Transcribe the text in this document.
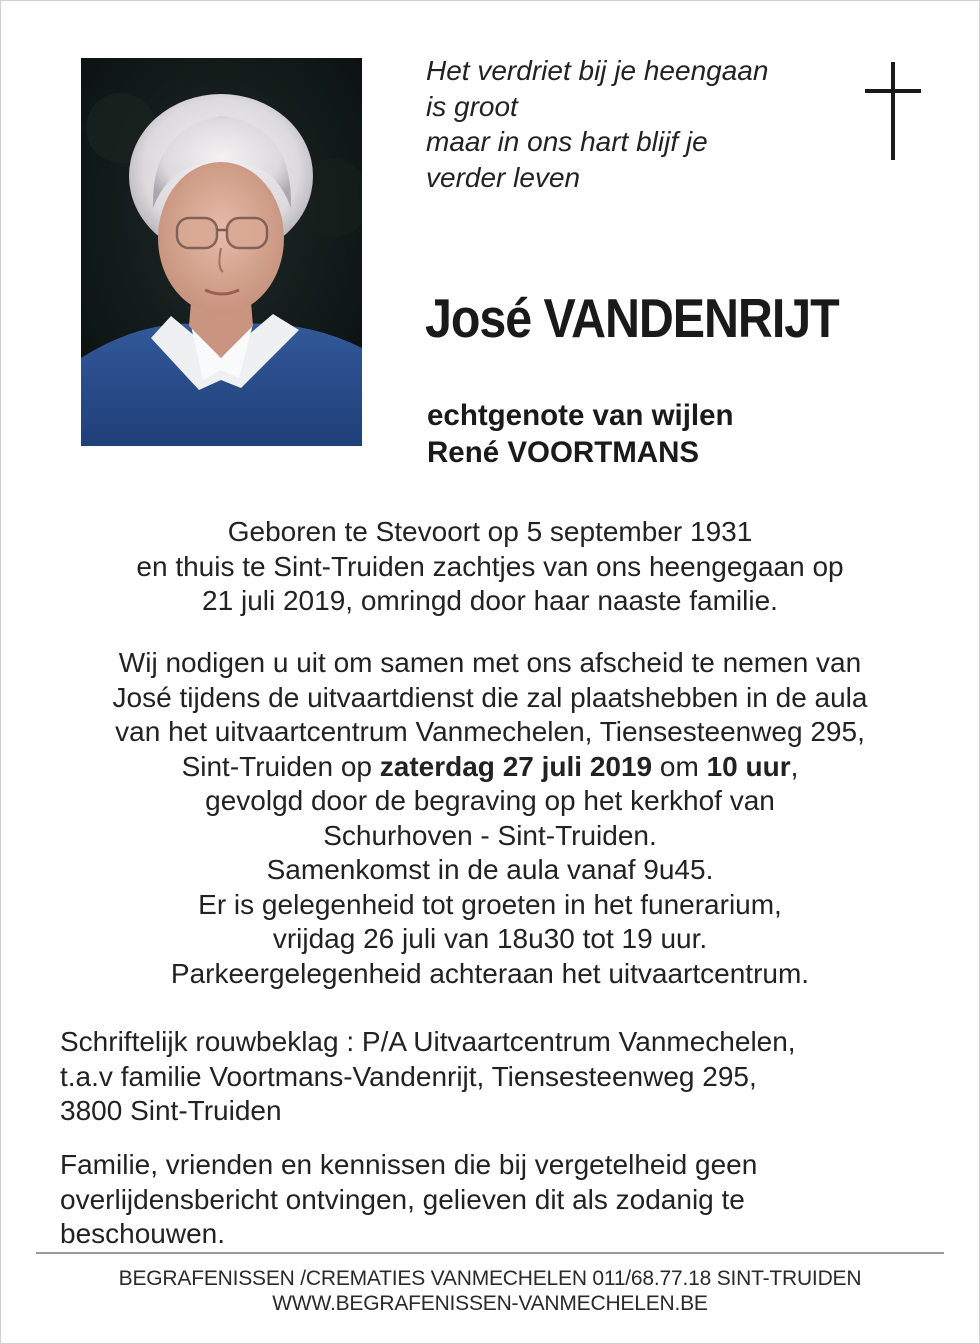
Het verdriet bij je heengaan
is groot
maar in ons hart blijf je
verder leven
José VANDENRIJT
echtgenote van wijlen
René VOORTMANS
Geboren te Stevoort op 5 september 1931
en thuis te Sint-Truiden zachtjes van ons heengegaan op
21 juli 2019, omringd door haar naaste familie.
Wij nodigen u uit om samen met ons afscheid te nemen van
José tijdens de uitvaartdienst die zal plaatshebben in de aula
van het uitvaartcentrum Vanmechelen, Tiensesteenweg 295,
Sint-Truiden op zaterdag 27 juli 2019 om 10 uur,
gevolgd door de begraving op het kerkhof van
Schurhoven - Sint-Truiden.
Samenkomst in de aula vanaf 9u45.
Er is gelegenheid tot groeten in het funerarium,
vrijdag 26 juli van 18u30 tot 19 uur.
Parkeergelegenheid achteraan het uitvaartcentrum.
Schriftelijk rouwbeklag : P/A Uitvaartcentrum Vanmechelen,
t.a.v familie Voortmans-Vandenrijt, Tiensesteenweg 295,
3800 Sint-Truiden
Familie, vrienden en kennissen die bij vergetelheid geen
overlijdensbericht ontvingen, gelieven dit als zodanig te
beschouwen.
BEGRAFENISSEN /CREMATIES VANMECHELEN 011/68.77.18 SINT-TRUIDEN
WWW.BEGRAFENISSEN-VANMECHELEN.BE
